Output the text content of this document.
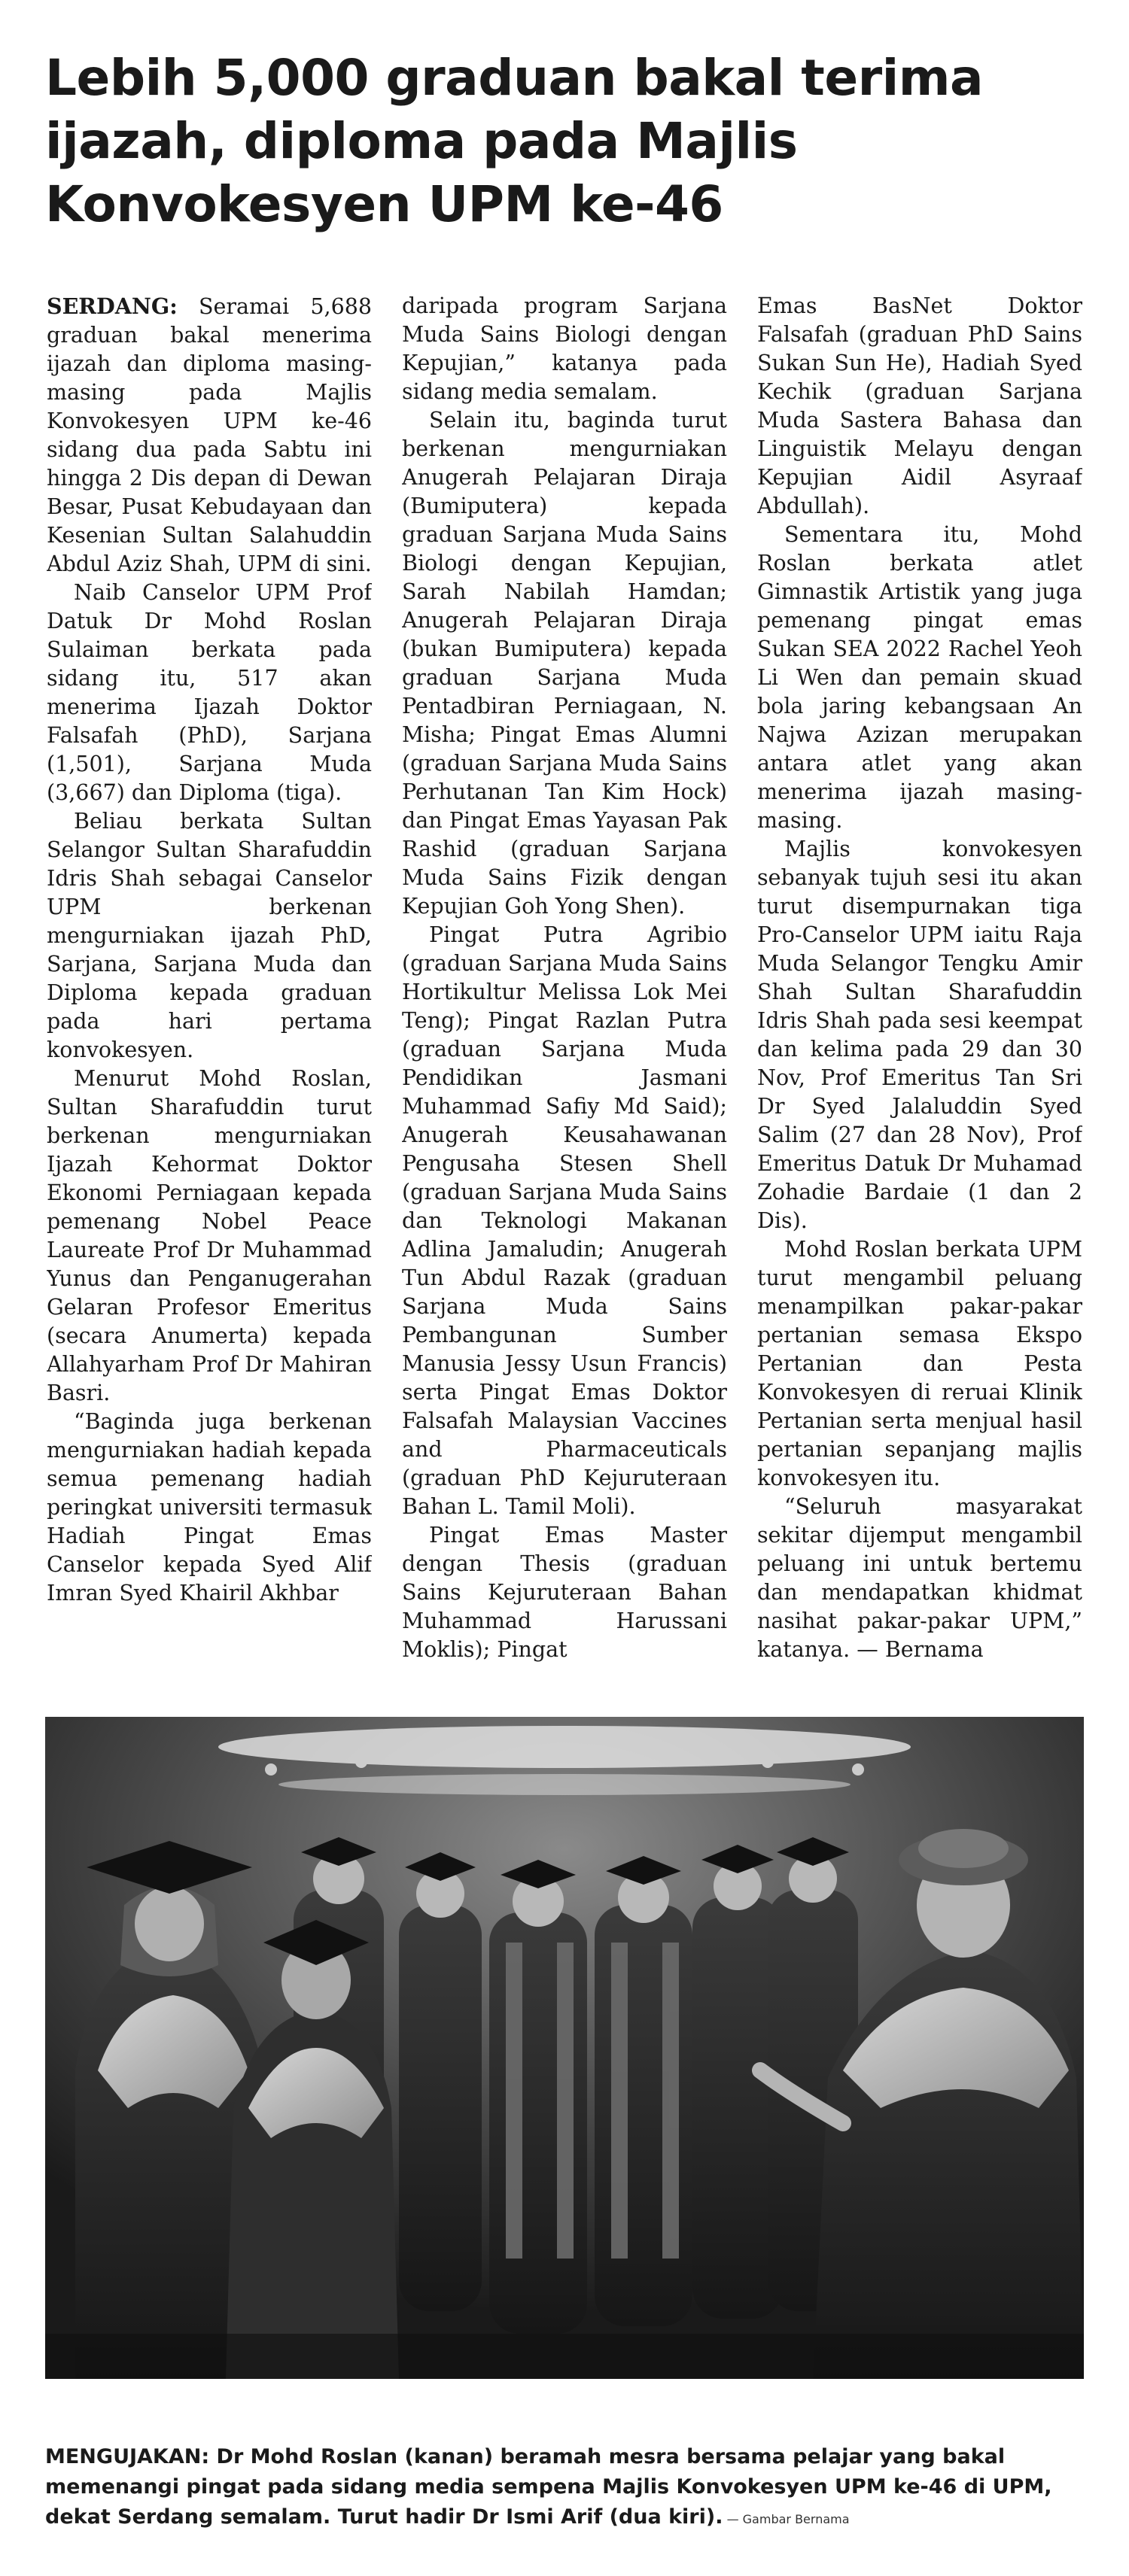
Lebih 5,000 graduan bakal terima
ijazah, diploma pada Majlis
Konvokesyen UPM ke-46

SERDANG: Seramai 5,688 graduan bakal menerima ijazah dan diploma masing-masing pada Majlis Konvokesyen UPM ke-46 sidang dua pada Sabtu ini hingga 2 Dis depan di Dewan Besar, Pusat Kebudayaan dan Kesenian Sultan Salahuddin Abdul Aziz Shah, UPM di sini.

Naib Canselor UPM Prof Datuk Dr Mohd Roslan Sulaiman berkata pada sidang itu, 517 akan menerima Ijazah Doktor Falsafah (PhD), Sarjana (1,501), Sarjana Muda (3,667) dan Diploma (tiga).

Beliau berkata Sultan Selangor Sultan Sharafuddin Idris Shah sebagai Canselor UPM berkenan mengurniakan ijazah PhD, Sarjana, Sarjana Muda dan Diploma kepada graduan pada hari pertama konvokesyen.

Menurut Mohd Roslan, Sultan Sharafuddin turut berkenan mengurniakan Ijazah Kehormat Doktor Ekonomi Perniagaan kepada pemenang Nobel Peace Laureate Prof Dr Muhammad Yunus dan Penganugerahan Gelaran Profesor Emeritus (secara Anumerta) kepada Allahyarham Prof Dr Mahiran Basri.

“Baginda juga berkenan mengurniakan hadiah kepada semua pemenang hadiah peringkat universiti termasuk Hadiah Pingat Emas Canselor kepada Syed Alif Imran Syed Khairil Akhbar

daripada program Sarjana Muda Sains Biologi dengan Kepujian,” katanya pada sidang media semalam.

Selain itu, baginda turut berkenan mengurniakan Anugerah Pelajaran Diraja (Bumiputera) kepada graduan Sarjana Muda Sains Biologi dengan Kepujian, Sarah Nabilah Hamdan; Anugerah Pelajaran Diraja (bukan Bumiputera) kepada graduan Sarjana Muda Pentadbiran Perniagaan, N. Misha; Pingat Emas Alumni (graduan Sarjana Muda Sains Perhutanan Tan Kim Hock) dan Pingat Emas Yayasan Pak Rashid (graduan Sarjana Muda Sains Fizik dengan Kepujian Goh Yong Shen).

Pingat Putra Agribio (graduan Sarjana Muda Sains Hortikultur Melissa Lok Mei Teng); Pingat Razlan Putra (graduan Sarjana Muda Pendidikan Jasmani Muhammad Safiy Md Said); Anugerah Keusahawanan Pengusaha Stesen Shell (graduan Sarjana Muda Sains dan Teknologi Makanan Adlina Jamaludin; Anugerah Tun Abdul Razak (graduan Sarjana Muda Sains Pembangunan Sumber Manusia Jessy Usun Francis) serta Pingat Emas Doktor Falsafah Malaysian Vaccines and Pharmaceuticals (graduan PhD Kejuruteraan Bahan L. Tamil Moli).

Pingat Emas Master dengan Thesis (graduan Sains Kejuruteraan Bahan Muhammad Harussani Moklis); Pingat

Emas BasNet Doktor Falsafah (graduan PhD Sains Sukan Sun He), Hadiah Syed Kechik (graduan Sarjana Muda Sastera Bahasa dan Linguistik Melayu dengan Kepujian Aidil Asyraaf Abdullah).

Sementara itu, Mohd Roslan berkata atlet Gimnastik Artistik yang juga pemenang pingat emas Sukan SEA 2022 Rachel Yeoh Li Wen dan pemain skuad bola jaring kebangsaan An Najwa Azizan merupakan antara atlet yang akan menerima ijazah masing-masing.

Majlis konvokesyen sebanyak tujuh sesi itu akan turut disempurnakan tiga Pro-Canselor UPM iaitu Raja Muda Selangor Tengku Amir Shah Sultan Sharafuddin Idris Shah pada sesi keempat dan kelima pada 29 dan 30 Nov, Prof Emeritus Tan Sri Dr Syed Jalaluddin Syed Salim (27 dan 28 Nov), Prof Emeritus Datuk Dr Muhamad Zohadie Bardaie (1 dan 2 Dis).

Mohd Roslan berkata UPM turut mengambil peluang menampilkan pakar-pakar pertanian semasa Ekspo Pertanian dan Pesta Konvokesyen di reruai Klinik Pertanian serta menjual hasil pertanian sepanjang majlis konvokesyen itu.

“Seluruh masyarakat sekitar dijemput mengambil peluang ini untuk bertemu dan mendapatkan khidmat nasihat pakar-pakar UPM,” katanya. — Bernama

MENGUJAKAN: Dr Mohd Roslan (kanan) beramah mesra bersama pelajar yang bakal memenangi pingat pada sidang media sempena Majlis Konvokesyen UPM ke-46 di UPM, dekat Serdang semalam. Turut hadir Dr Ismi Arif (dua kiri). — Gambar Bernama
